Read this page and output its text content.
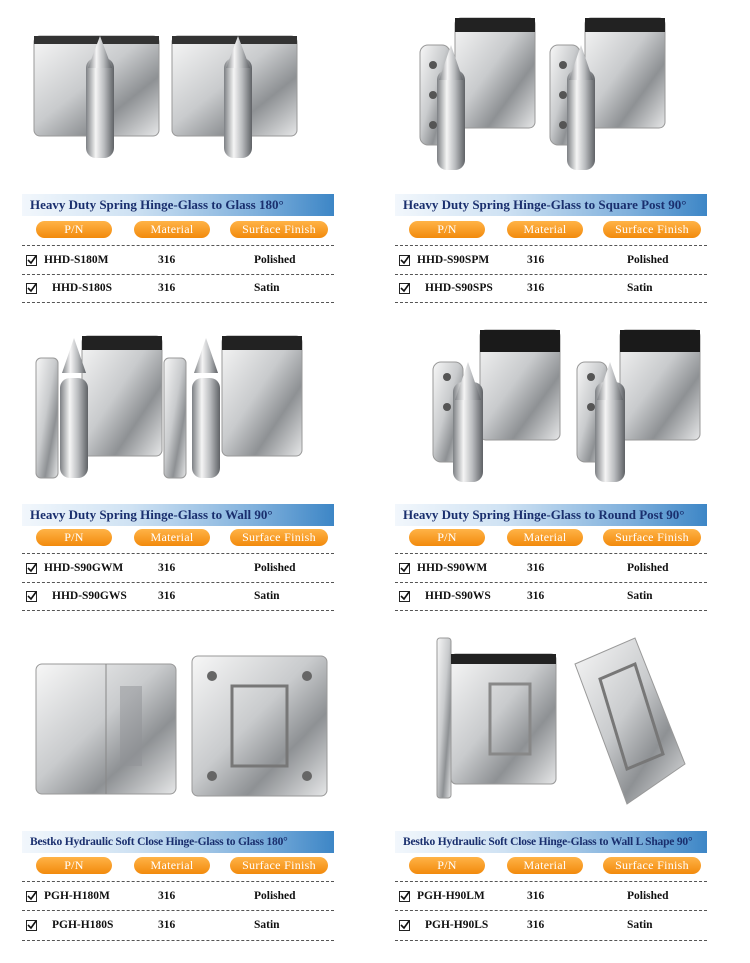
Heavy Duty Spring Hinge-Glass to Glass 180°
P/N	Material	Surface Finish
HHD-S180M	316	Polished
HHD-S180S	316	Satin
Heavy Duty Spring Hinge-Glass to Square Post 90°
P/N	Material	Surface Finish
HHD-S90SPM	316	Polished
HHD-S90SPS	316	Satin
Heavy Duty Spring Hinge-Glass to Wall 90°
P/N	Material	Surface Finish
HHD-S90GWM	316	Polished
HHD-S90GWS	316	Satin
Heavy Duty Spring Hinge-Glass to Round Post 90°
P/N	Material	Surface Finish
HHD-S90WM	316	Polished
HHD-S90WS	316	Satin
Bestko Hydraulic Soft Close Hinge-Glass to Glass 180°
P/N	Material	Surface Finish
PGH-H180M	316	Polished
PGH-H180S	316	Satin
Bestko Hydraulic Soft Close Hinge-Glass to Wall L Shape 90°
P/N	Material	Surface Finish
PGH-H90LM	316	Polished
PGH-H90LS	316	Satin
